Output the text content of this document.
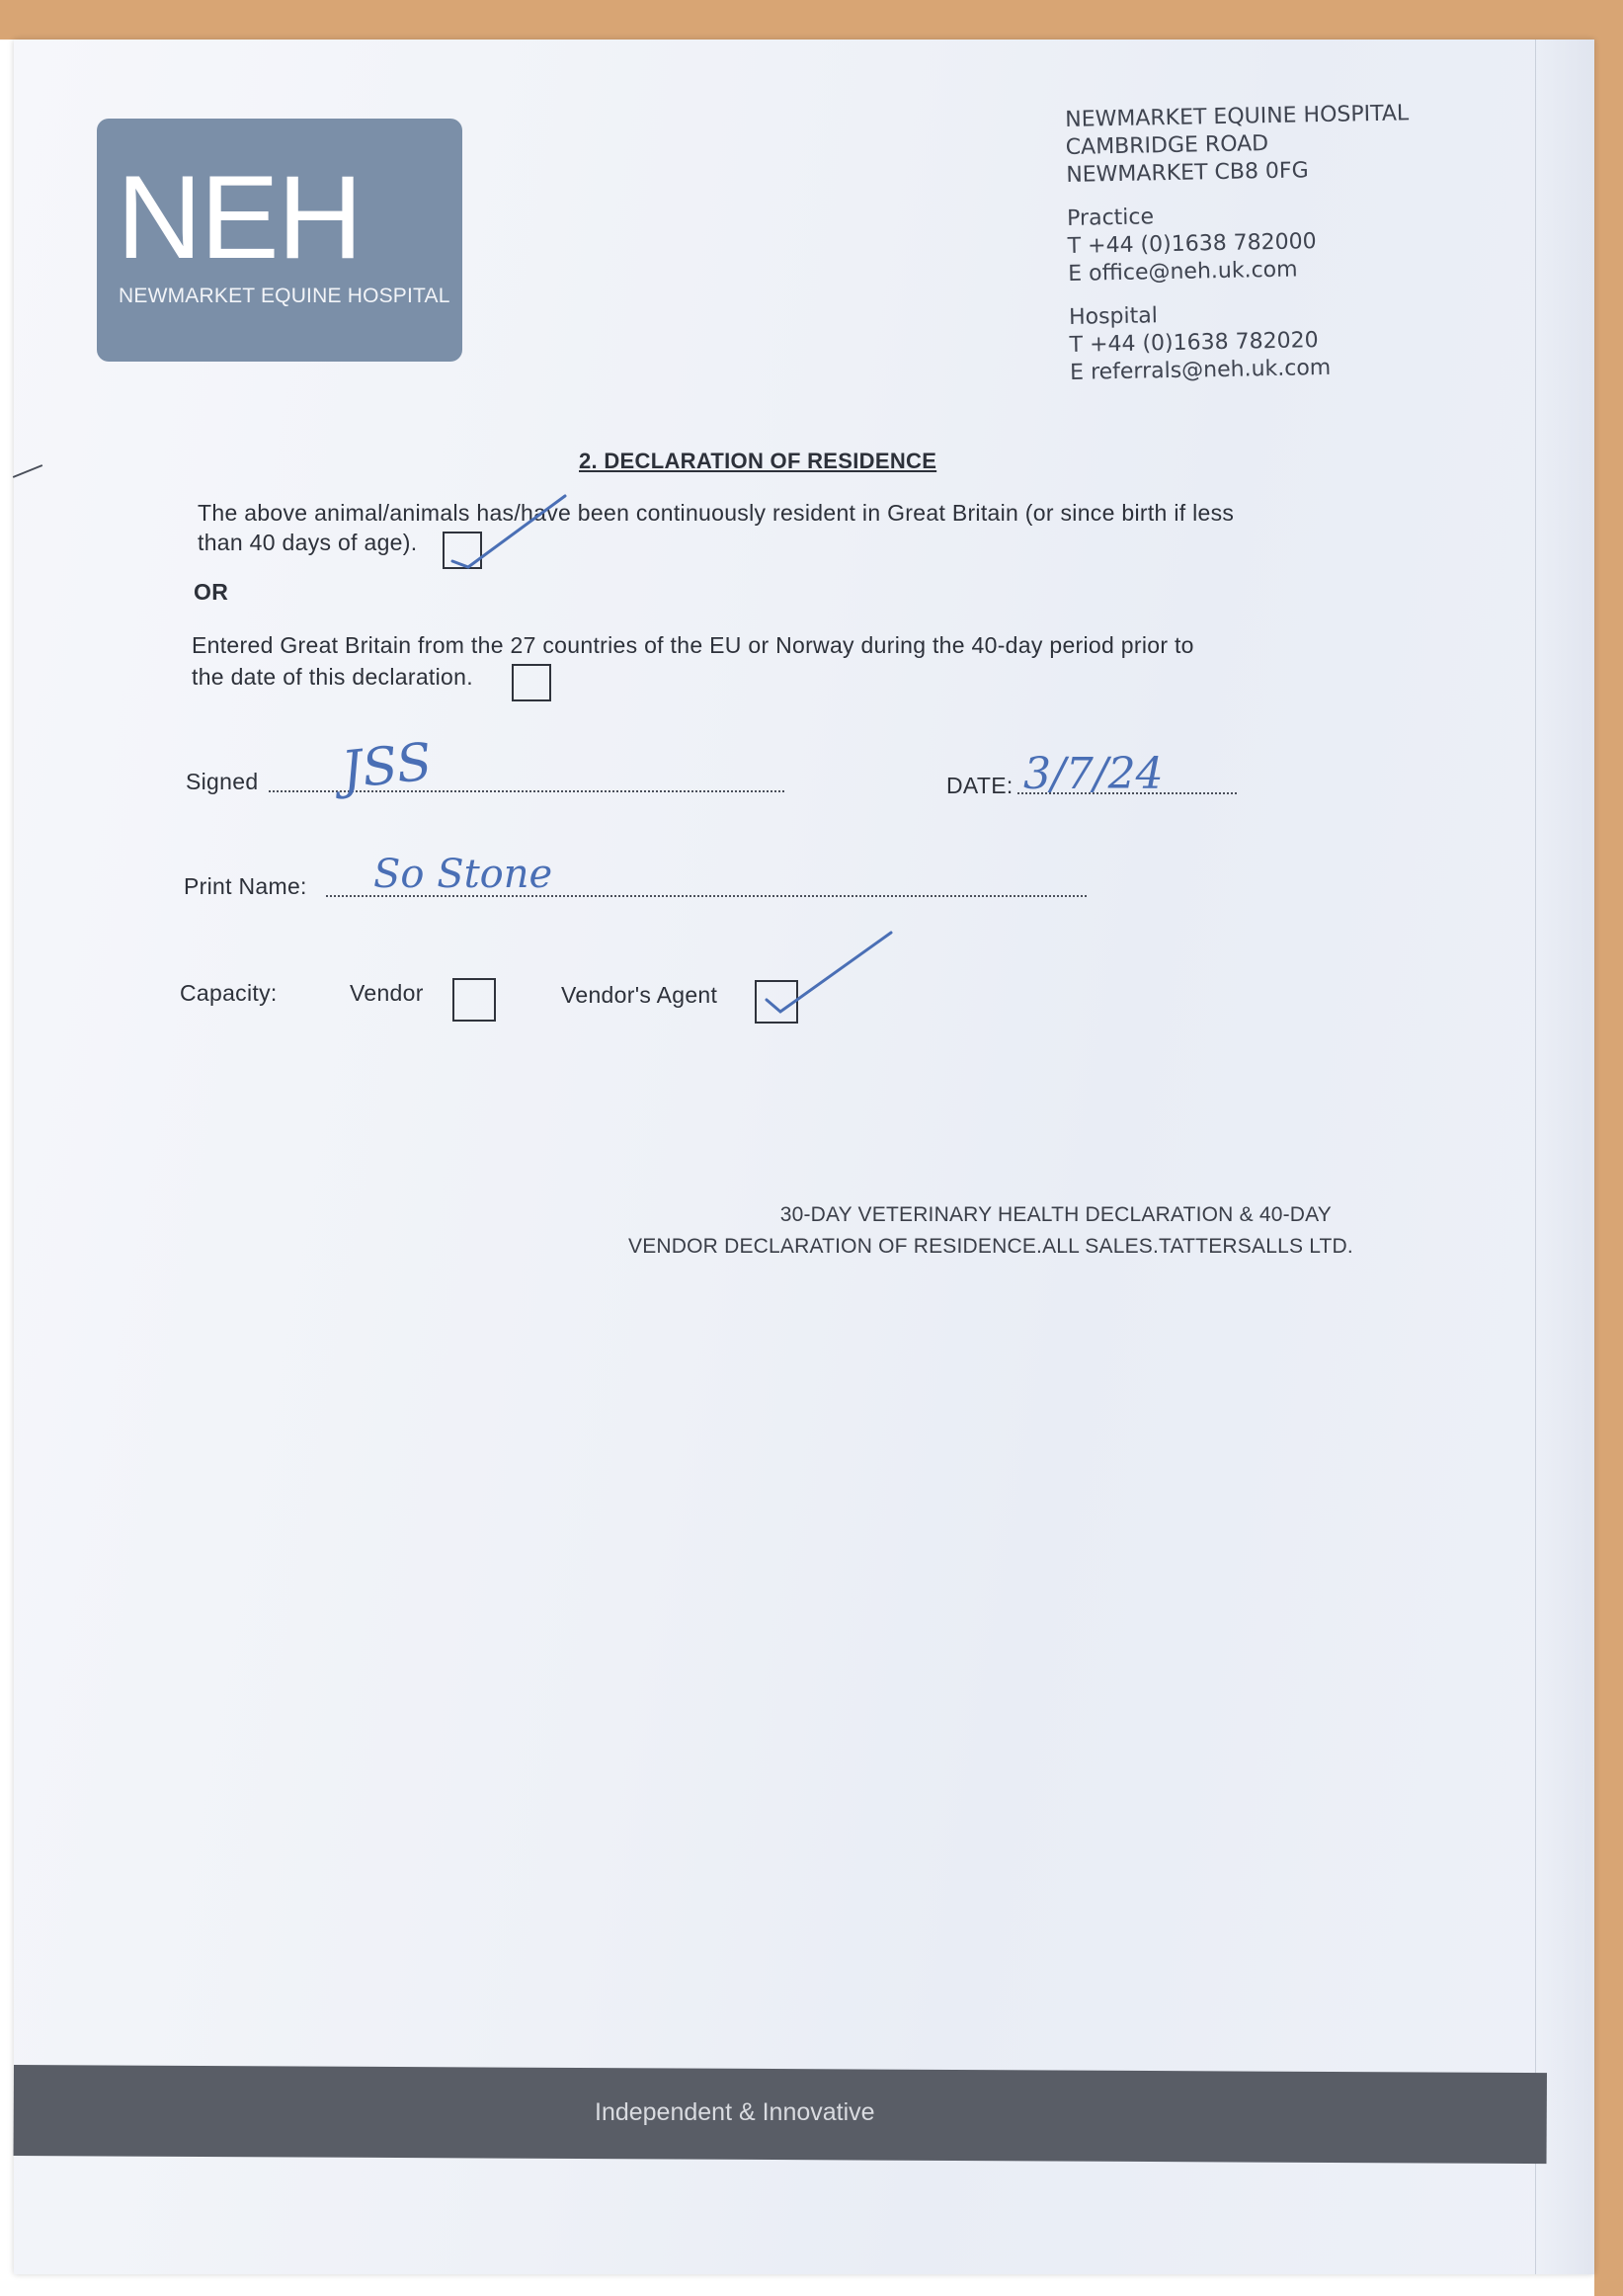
NEH
NEWMARKET EQUINE HOSPITAL
NEWMARKET EQUINE HOSPITAL
CAMBRIDGE ROAD
NEWMARKET CB8 0FG
Practice
T +44 (0)1638 782000
E office@neh.uk.com
Hospital
T +44 (0)1638 782020
E referrals@neh.uk.com
2. DECLARATION OF RESIDENCE
The above animal/animals has/have been continuously resident in Great Britain (or since birth if less
than 40 days of age).
OR
Entered Great Britain from the 27 countries of the EU or Norway during the 40-day period prior to
the date of this declaration.
Signed JSS	DATE: 3/7/24
Print Name: So Stone
Capacity:	Vendor	Vendor's Agent
30-DAY VETERINARY HEALTH DECLARATION & 40-DAY
VENDOR DECLARATION OF RESIDENCE.ALL SALES.TATTERSALLS LTD.
Independent & Innovative
